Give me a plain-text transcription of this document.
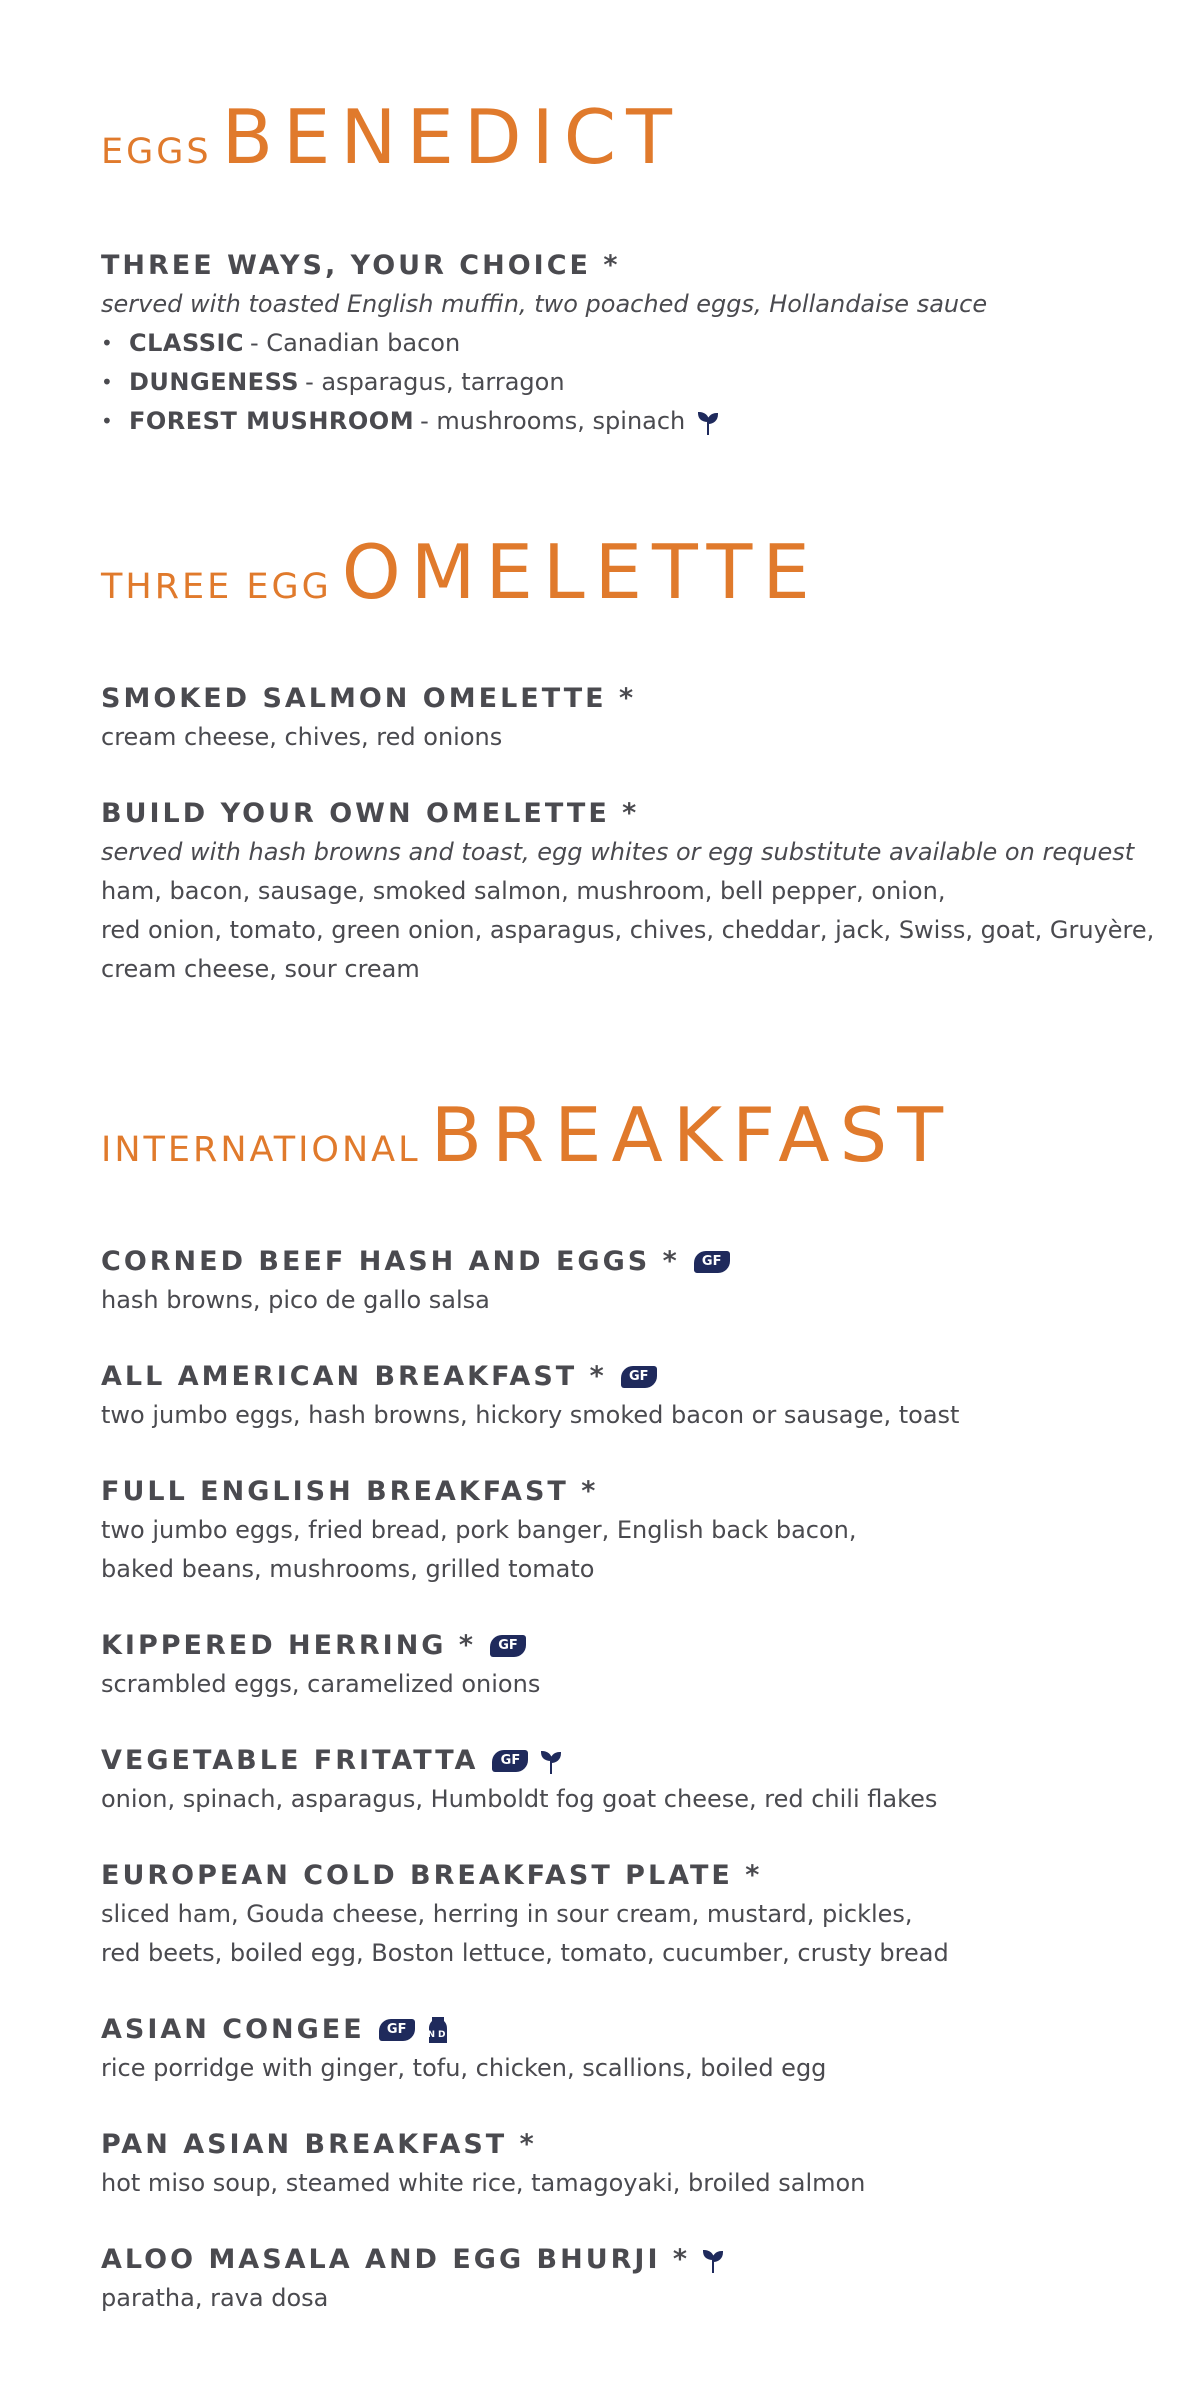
EGGS BENEDICT
THREE WAYS, YOUR CHOICE *
served with toasted English muffin, two poached eggs, Hollandaise sauce
• CLASSIC - Canadian bacon
• DUNGENESS - asparagus, tarragon
• FOREST MUSHROOM - mushrooms, spinach
THREE EGG OMELETTE
SMOKED SALMON OMELETTE *
cream cheese, chives, red onions
BUILD YOUR OWN OMELETTE *
served with hash browns and toast, egg whites or egg substitute available on request
ham, bacon, sausage, smoked salmon, mushroom, bell pepper, onion,
red onion, tomato, green onion, asparagus, chives, cheddar, jack, Swiss, goat, Gruyère,
cream cheese, sour cream
INTERNATIONAL BREAKFAST
CORNED BEEF HASH AND EGGS *	GF
hash browns, pico de gallo salsa
ALL AMERICAN BREAKFAST *	GF
two jumbo eggs, hash browns, hickory smoked bacon or sausage, toast
FULL ENGLISH BREAKFAST *
two jumbo eggs, fried bread, pork banger, English back bacon,
baked beans, mushrooms, grilled tomato
KIPPERED HERRING *	GF
scrambled eggs, caramelized onions
VEGETABLE FRITATTA	GF
onion, spinach, asparagus, Humboldt fog goat cheese, red chili flakes
EUROPEAN COLD BREAKFAST PLATE *
sliced ham, Gouda cheese, herring in sour cream, mustard, pickles,
red beets, boiled egg, Boston lettuce, tomato, cucumber, crusty bread
ASIAN CONGEE	GF	ND
rice porridge with ginger, tofu, chicken, scallions, boiled egg
PAN ASIAN BREAKFAST *
hot miso soup, steamed white rice, tamagoyaki, broiled salmon
ALOO MASALA AND EGG BHURJI *
paratha, rava dosa
